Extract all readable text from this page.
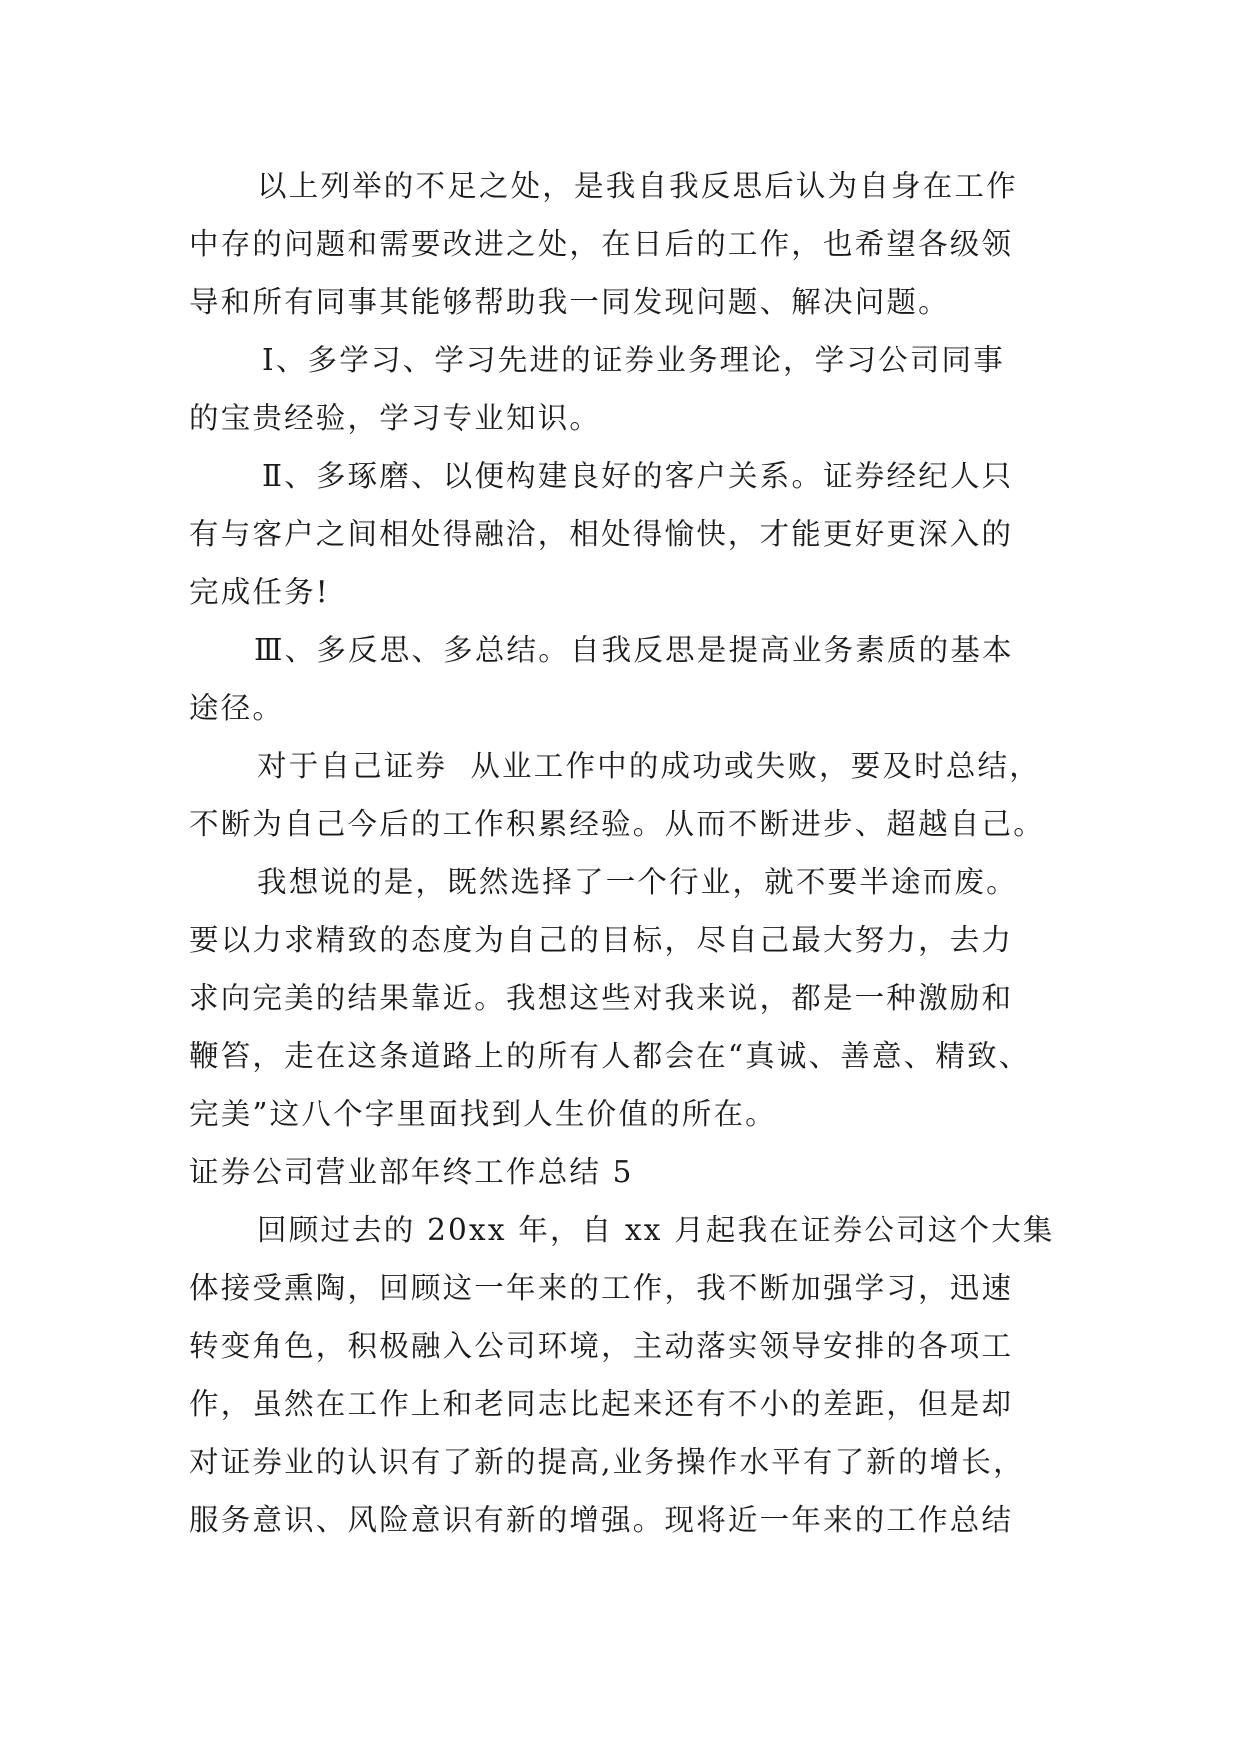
以上列举的不足之处，是我自我反思后认为自身在工作
中存的问题和需要改进之处，在日后的工作，也希望各级领
导和所有同事其能够帮助我一同发现问题、解决问题。
Ⅰ、多学习、学习先进的证券业务理论，学习公司同事
的宝贵经验，学习专业知识。
Ⅱ、多琢磨、以便构建良好的客户关系。证券经纪人只
有与客户之间相处得融洽，相处得愉快，才能更好更深入的
完成任务!
Ⅲ、多反思、多总结。自我反思是提高业务素质的基本
途径。
对于自己证券  从业工作中的成功或失败，要及时总结，
不断为自己今后的工作积累经验。从而不断进步、超越自己。
我想说的是，既然选择了一个行业，就不要半途而废。
要以力求精致的态度为自己的目标，尽自己最大努力，去力
求向完美的结果靠近。我想这些对我来说，都是一种激励和
鞭笞，走在这条道路上的所有人都会在“真诚、善意、精致、
完美”这八个字里面找到人生价值的所在。
证券公司营业部年终工作总结 5
回顾过去的 20xx 年，自 xx 月起我在证券公司这个大集
体接受熏陶，回顾这一年来的工作，我不断加强学习，迅速
转变角色，积极融入公司环境，主动落实领导安排的各项工
作，虽然在工作上和老同志比起来还有不小的差距，但是却
对证券业的认识有了新的提高,业务操作水平有了新的增长，
服务意识、风险意识有新的增强。现将近一年来的工作总结
